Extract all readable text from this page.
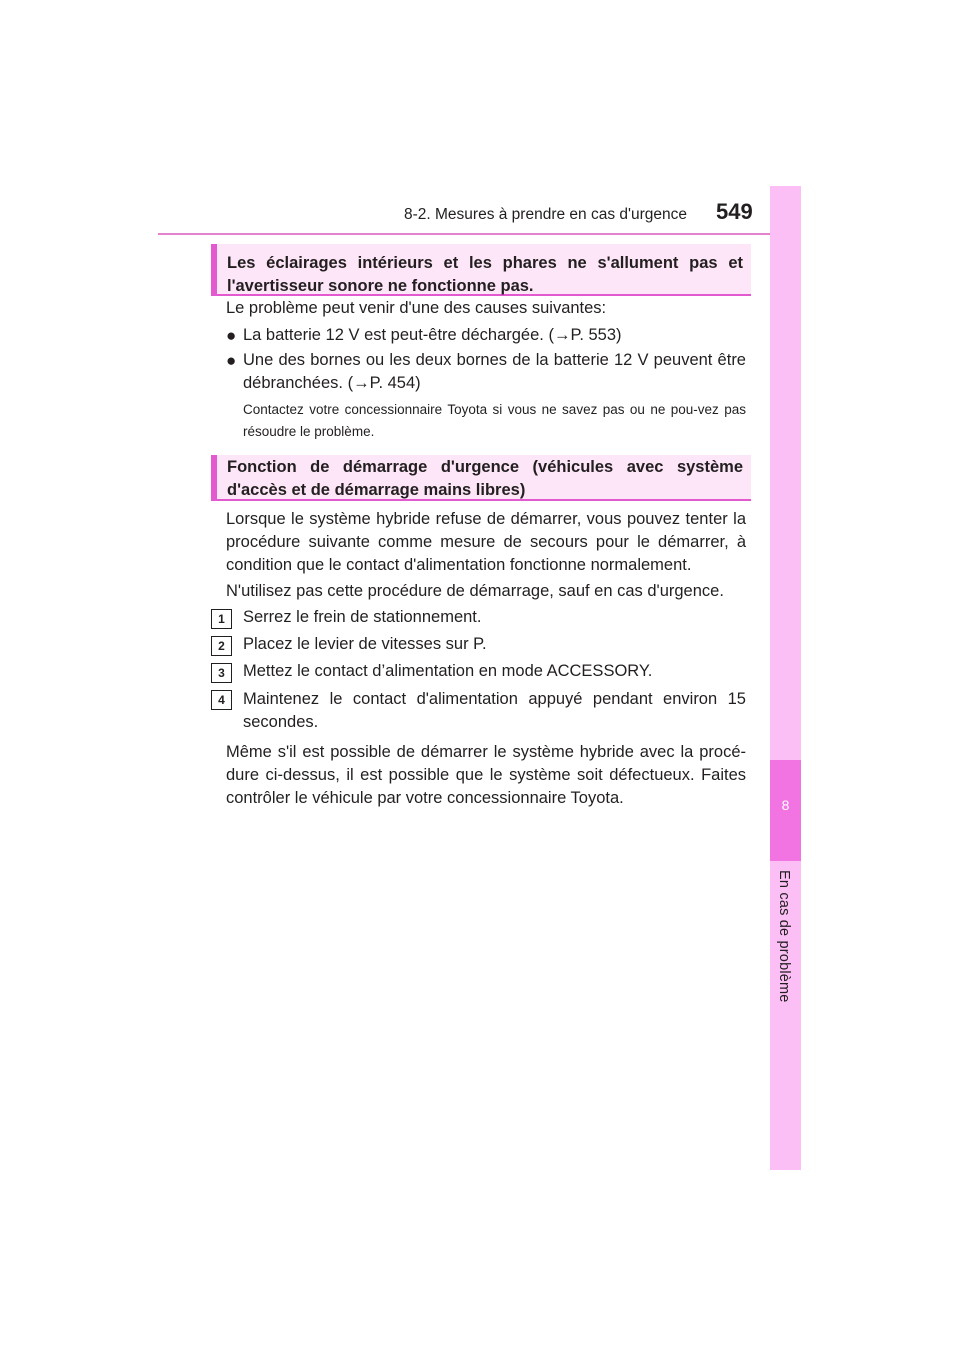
8-2. Mesures à prendre en cas d'urgence 549
8
En cas de problème
Les éclairages intérieurs et les phares ne s'allument pas et l'avertisseur sonore ne fonctionne pas.
Le problème peut venir d'une des causes suivantes:
● La batterie 12 V est peut-être déchargée. (→P. 553)
● Une des bornes ou les deux bornes de la batterie 12 V peuvent être débranchées. (→P. 454)
Contactez votre concessionnaire Toyota si vous ne savez pas ou ne pou-vez pas résoudre le problème.
Fonction de démarrage d'urgence (véhicules avec système d'accès et de démarrage mains libres)
Lorsque le système hybride refuse de démarrer, vous pouvez tenter la procédure suivante comme mesure de secours pour le démarrer, à condition que le contact d'alimentation fonctionne normalement.
N'utilisez pas cette procédure de démarrage, sauf en cas d'urgence.
1	Serrez le frein de stationnement.
2	Placez le levier de vitesses sur P.
3	Mettez le contact d’alimentation en mode ACCESSORY.
4	Maintenez le contact d'alimentation appuyé pendant environ 15 secondes.
Même s'il est possible de démarrer le système hybride avec la procé-dure ci-dessus, il est possible que le système soit défectueux. Faites contrôler le véhicule par votre concessionnaire Toyota.
